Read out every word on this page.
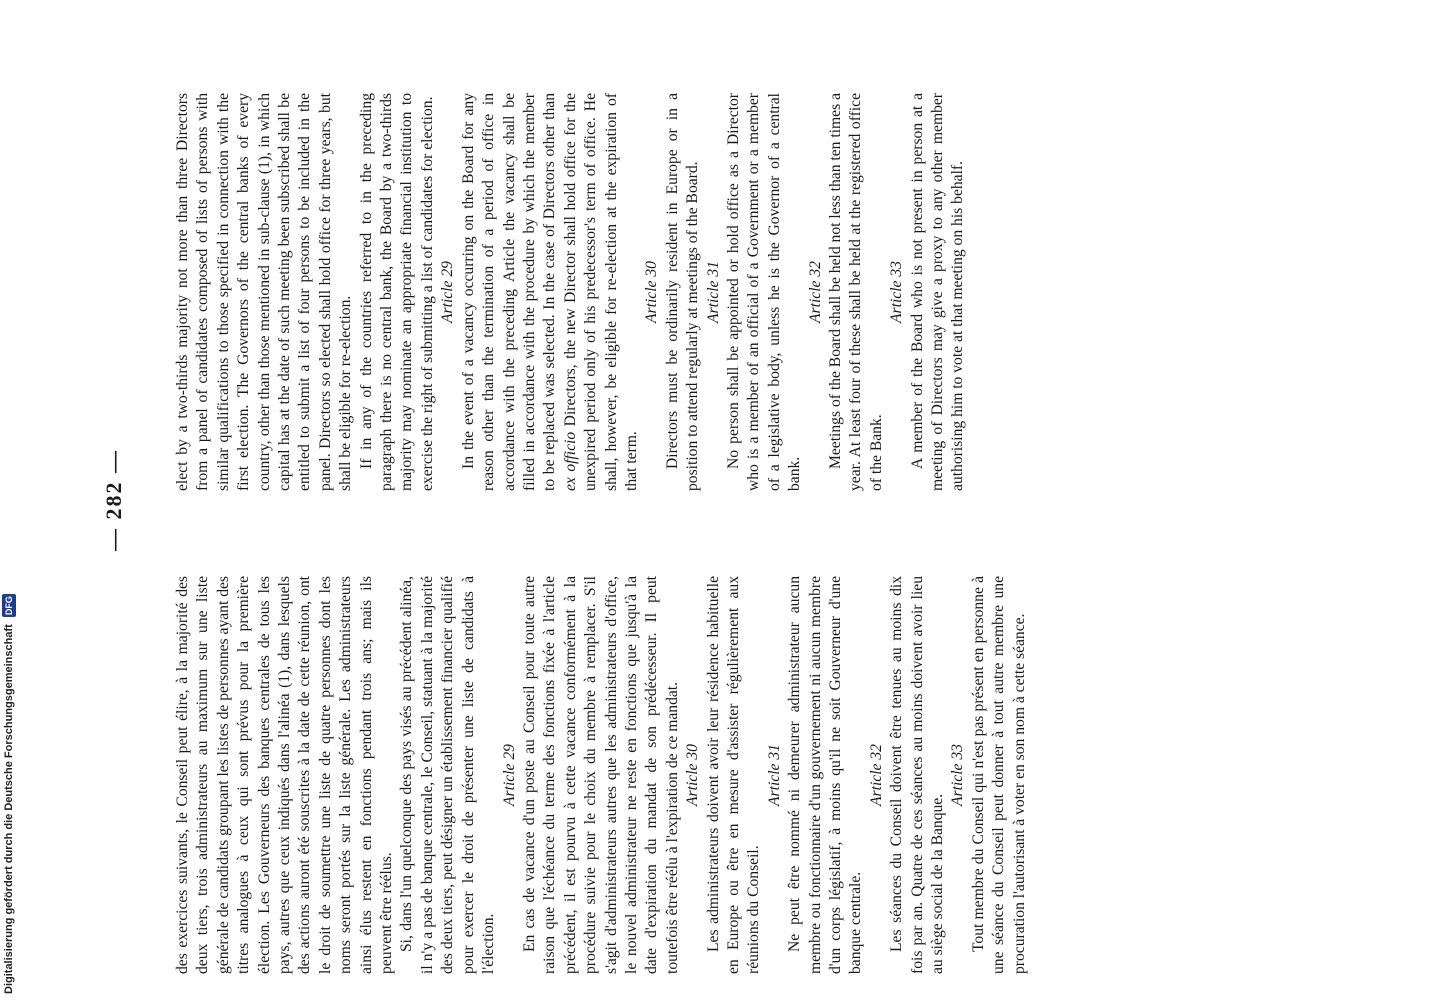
Digitalisierung gefördert durch die Deutsche Forschungsgemeinschaft DFG
— 282 —

des exercices suivants, le Conseil peut élire, à la majorité des deux tiers, trois administrateurs au maximum sur une liste générale de candidats groupant les listes de personnes ayant des titres analogues à ceux qui sont prévus pour la première élection. Les Gouverneurs des banques centrales de tous les pays, autres que ceux indiqués dans l'alinéa (1), dans lesquels des actions auront été souscrites à la date de cette réunion, ont le droit de soumettre une liste de quatre personnes dont les noms seront portés sur la liste générale. Les administrateurs ainsi élus restent en fonctions pendant trois ans; mais ils peuvent être réélus. Si, dans l'un quelconque des pays visés au précédent alinéa, il n'y a pas de banque centrale, le Conseil, statuant à la majorité des deux tiers, peut désigner un établissement financier qualifié pour exercer le droit de présenter une liste de candidats à l'élection.

Article 29 En cas de vacance d'un poste au Conseil pour toute autre raison que l'échéance du terme des fonctions fixée à l'article précédent, il est pourvu à cette vacance conformément à la procédure suivie pour le choix du membre à remplacer. S'il s'agit d'administrateurs autres que les administrateurs d'office, le nouvel administrateur ne reste en fonctions que jusqu'à la date d'expiration du mandat de son prédécesseur. Il peut toutefois être réélu à l'expiration de ce mandat. Article 30 Les administrateurs doivent avoir leur résidence habituelle en Europe ou être en mesure d'assister régulièrement aux réunions du Conseil.

Article 31 Ne peut être nommé ni demeurer administrateur aucun membre ou fonctionnaire d'un gouvernement ni aucun membre d'un corps législatif, à moins qu'il ne soit Gouverneur d'une banque centrale.

Article 32 Les séances du Conseil doivent être tenues au moins dix fois par an. Quatre de ces séances au moins doivent avoir lieu au siège social de la Banque.

Article 33 Tout membre du Conseil qui n'est pas présent en personne à une séance du Conseil peut donner à tout autre membre une procuration l'autorisant à voter en son nom à cette séance.

elect by a two-thirds majority not more than three Directors from a panel of candidates composed of lists of persons with similar qualifications to those specified in connection with the first election. The Governors of the central banks of every country, other than those mentioned in sub-clause (1), in which capital has at the date of such meeting been subscribed shall be entitled to submit a list of four persons to be included in the panel. Directors so elected shall hold office for three years, but shall be eligible for re-election. If in any of the countries referred to in the preceding paragraph there is no central bank, the Board by a two-thirds majority may nominate an appropriate financial institution to exercise the right of submitting a list of candidates for election. Article 29 In the event of a vacancy occurring on the Board for any reason other than the termination of a period of office in accordance with the preceding Article the vacancy shall be filled in accordance with the procedure by which the member to be replaced was selected. In the case of Directors other than ex officio Directors, the new Director shall hold office for the unexpired period only of his predecessor's term of office. He shall, however, be eligible for re-election at the expiration of that term.

Article 30 Directors must be ordinarily resident in Europe or in a position to attend regularly at meetings of the Board. Article 31 No person shall be appointed or hold office as a Director who is a member of an official of a Government or a member of a legislative body, unless he is the Governor of a central bank.

Article 32 Meetings of the Board shall be held not less than ten times a year. At least four of these shall be held at the registered office of the Bank.

Article 33 A member of the Board who is not present in person at a meeting of Directors may give a proxy to any other member authorising him to vote at that meeting on his behalf.
